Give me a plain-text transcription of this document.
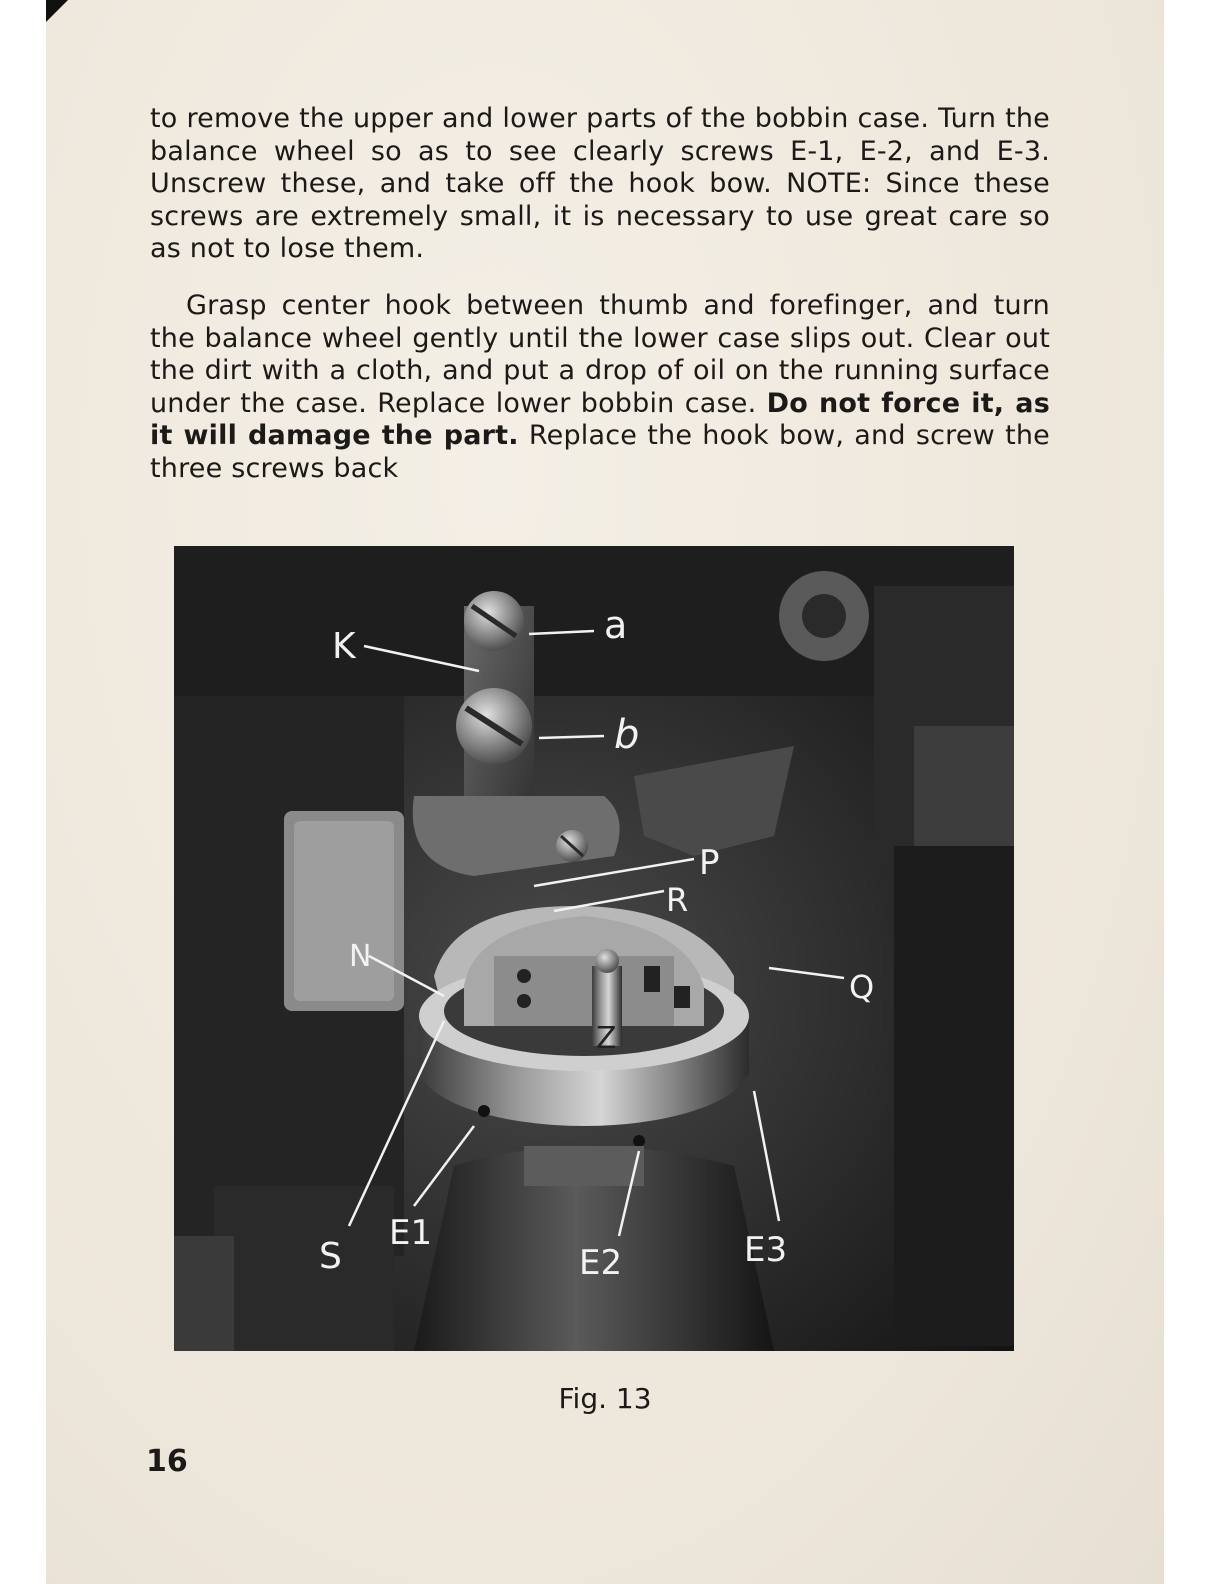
to remove the upper and lower parts of the bobbin case. Turn the balance wheel so as to see clearly screws E-1, E-2, and E-3. Unscrew these, and take off the hook bow. NOTE: Since these screws are extremely small, it is necessary to use great care so as not to lose them.
Grasp center hook between thumb and forefinger, and turn the balance wheel gently until the lower case slips out. Clear out the dirt with a cloth, and put a drop of oil on the running surface under the case. Replace lower bobbin case. Do not force it, as it will damage the part. Replace the hook bow, and screw the three screws back
K	a
b
P
R
N
Q
Z
S
E1
E2	E3
Fig. 13
16
